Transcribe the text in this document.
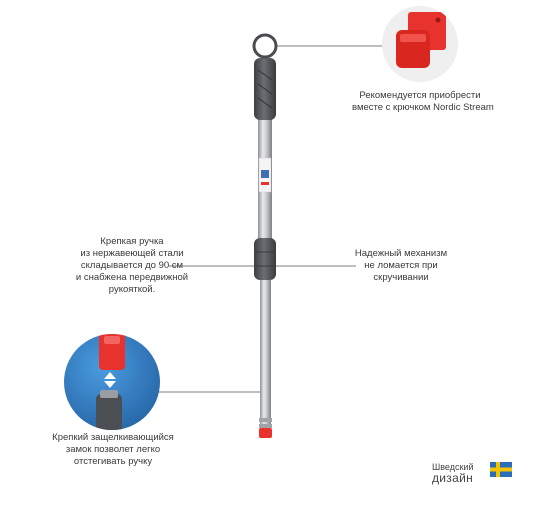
Рекомендуется приобрести
вместе с крючком Nordic Stream
Крепкая ручка
из нержавеющей стали
складывается до 90 см
и снабжена передвижной
рукояткой.
Надежный механизм
не ломается при
скручивании
Крепкий защелкивающийся
замок позволет легко
отстегивать ручку	Шведский
дизайн
